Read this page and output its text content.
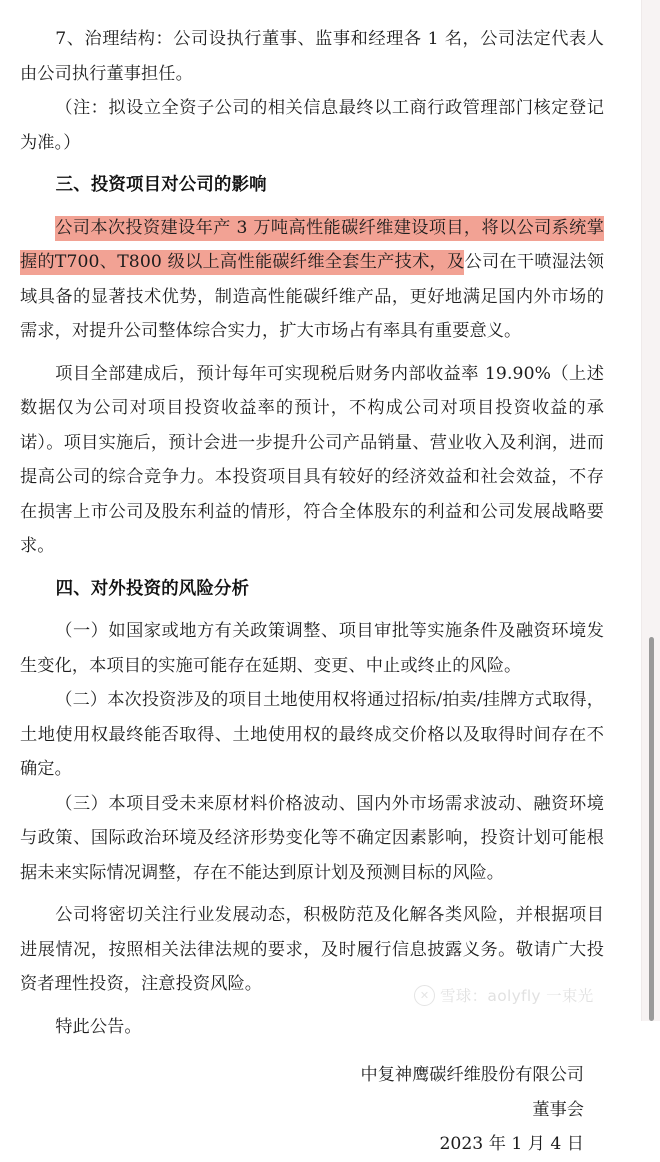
7、治理结构：公司设执行董事、监事和经理各 1 名，公司法定代表人由公司执行董事担任。

（注：拟设立全资子公司的相关信息最终以工商行政管理部门核定登记为准。）

三、投资项目对公司的影响

公司本次投资建设年产 3 万吨高性能碳纤维建设项目，将以公司系统掌握的T700、T800 级以上高性能碳纤维全套生产技术，及公司在干喷湿法领域具备的显著技术优势，制造高性能碳纤维产品，更好地满足国内外市场的需求，对提升公司整体综合实力，扩大市场占有率具有重要意义。

项目全部建成后，预计每年可实现税后财务内部收益率 19.90%（上述数据仅为公司对项目投资收益率的预计，不构成公司对项目投资收益的承诺）。项目实施后，预计会进一步提升公司产品销量、营业收入及利润，进而提高公司的综合竞争力。本投资项目具有较好的经济效益和社会效益，不存在损害上市公司及股东利益的情形，符合全体股东的利益和公司发展战略要求。

四、对外投资的风险分析

（一）如国家或地方有关政策调整、项目审批等实施条件及融资环境发生变化，本项目的实施可能存在延期、变更、中止或终止的风险。

（二）本次投资涉及的项目土地使用权将通过招标/拍卖/挂牌方式取得，土地使用权最终能否取得、土地使用权的最终成交价格以及取得时间存在不确定。

（三）本项目受未来原材料价格波动、国内外市场需求波动、融资环境与政策、国际政治环境及经济形势变化等不确定因素影响，投资计划可能根据未来实际情况调整，存在不能达到原计划及预测目标的风险。

公司将密切关注行业发展动态，积极防范及化解各类风险，并根据项目进展情况，按照相关法律法规的要求，及时履行信息披露义务。敬请广大投资者理性投资，注意投资风险。

特此公告。

中复神鹰碳纤维股份有限公司

董事会

2023 年 1 月 4 日

✕ 雪球：aolyfly 一束光
